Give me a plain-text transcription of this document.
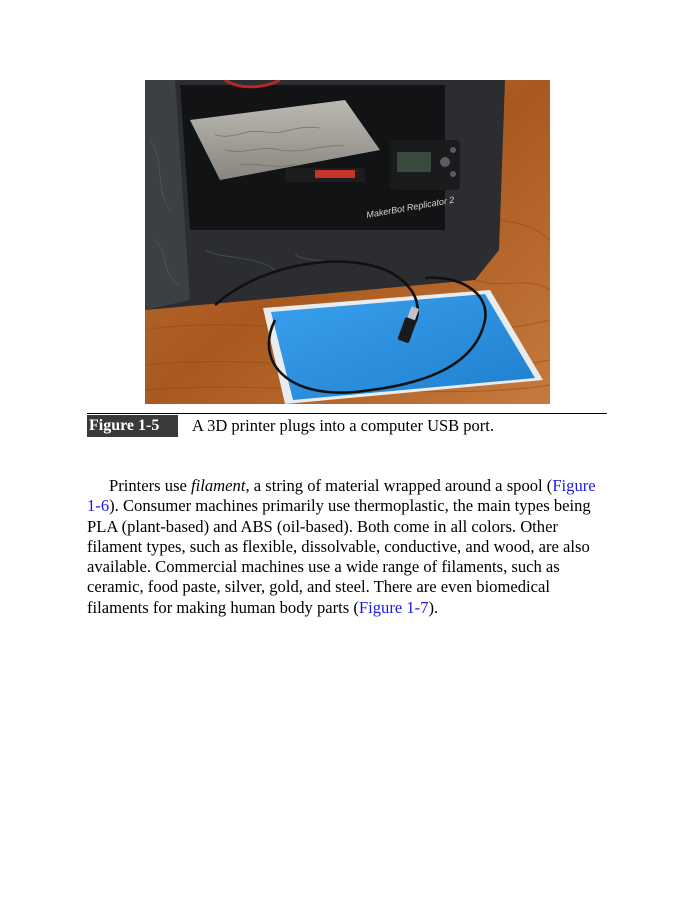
MakerBot Replicator 2
Figure 1-5	A 3D printer plugs into a computer USB port.

Printers use filament, a string of material wrapped around a spool (Figure
1-6). Consumer machines primarily use thermoplastic, the main types being
PLA (plant-based) and ABS (oil-based). Both come in all colors. Other
filament types, such as flexible, dissolvable, conductive, and wood, are also
available. Commercial machines use a wide range of filaments, such as
ceramic, food paste, silver, gold, and steel. There are even biomedical
filaments for making human body parts (Figure 1-7).
